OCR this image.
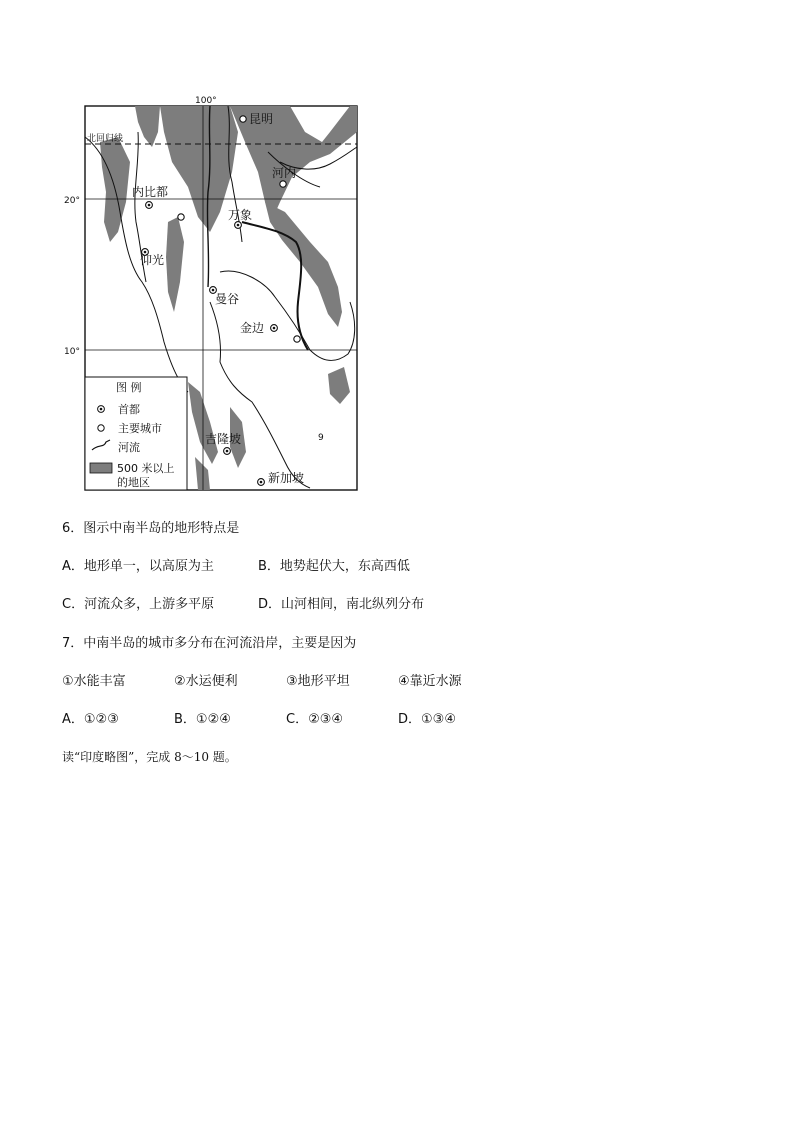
100°
20°
10°
北回归线
昆明
河内
内比都
万象
仰光
曼谷
金边
吉隆坡
新加坡
9
图 例
首都
主要城市
河流
500 米以上
的地区
6．图示中南半岛的地形特点是
A．地形单一，以高原为主	B．地势起伏大，东高西低
C．河流众多，上游多平原	D．山河相间，南北纵列分布
7．中南半岛的城市多分布在河流沿岸，主要是因为
①水能丰富	②水运便利	③地形平坦	④靠近水源
A．①②③	B．①②④	C．②③④	D．①③④
读“印度略图”，完成 8～10 题。
